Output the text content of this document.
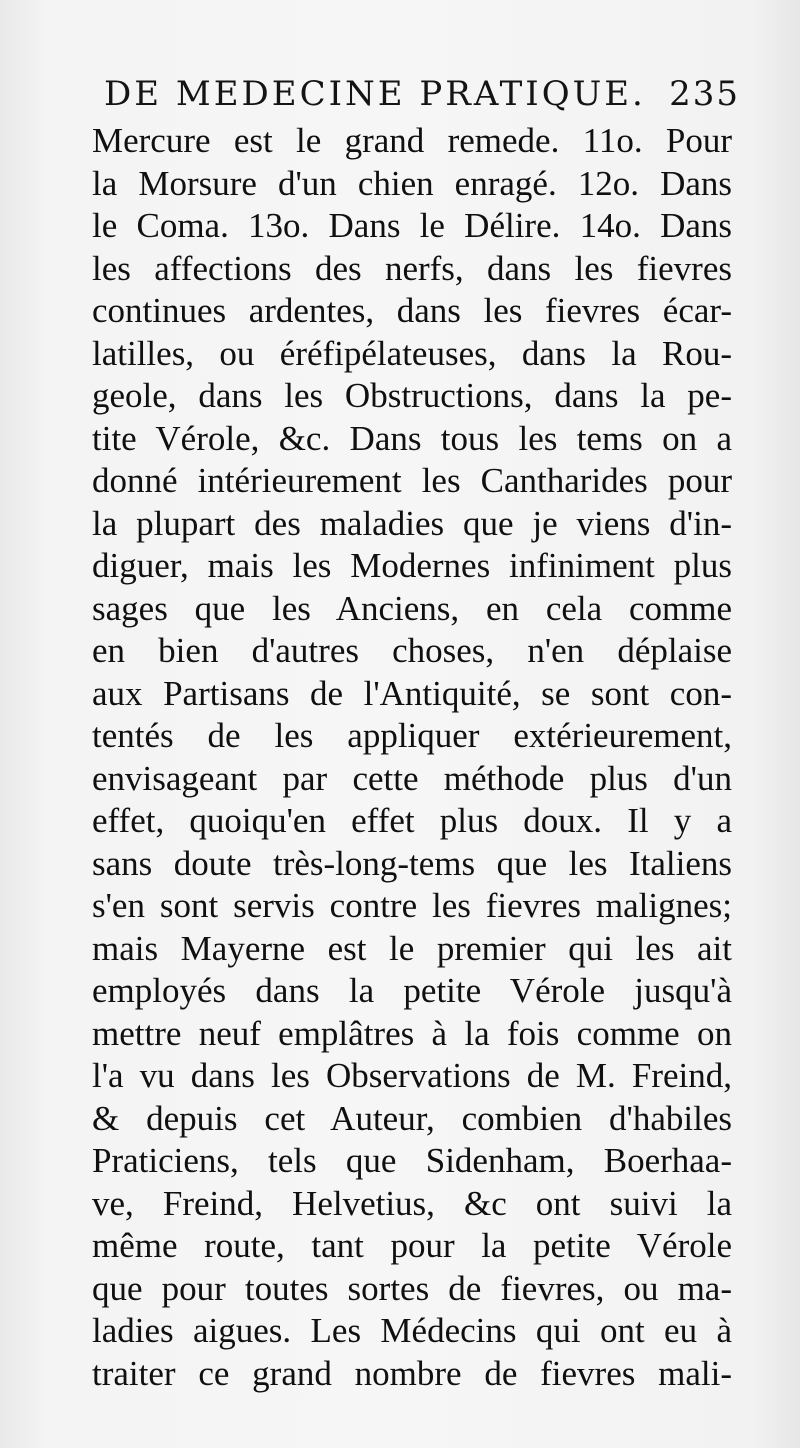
DE MEDECINE PRATIQUE. 235
Mercure est le grand remede. 11o. Pour
la Morsure d'un chien enragé. 12o. Dans
le Coma. 13o. Dans le Délire. 14o. Dans
les affections des nerfs, dans les fievres
continues ardentes, dans les fievres écar-
latilles, ou éréfipélateuses, dans la Rou-
geole, dans les Obstructions, dans la pe-
tite Vérole, &c. Dans tous les tems on a
donné intérieurement les Cantharides pour
la plupart des maladies que je viens d'in-
diguer, mais les Modernes infiniment plus
sages que les Anciens, en cela comme
en bien d'autres choses, n'en déplaise
aux Partisans de l'Antiquité, se sont con-
tentés de les appliquer extérieurement,
envisageant par cette méthode plus d'un
effet, quoiqu'en effet plus doux. Il y a
sans doute très-long-tems que les Italiens
s'en sont servis contre les fievres malignes;
mais Mayerne est le premier qui les ait
employés dans la petite Vérole jusqu'à
mettre neuf emplâtres à la fois comme on
l'a vu dans les Observations de M. Freind,
& depuis cet Auteur, combien d'habiles
Praticiens, tels que Sidenham, Boerhaa-
ve, Freind, Helvetius, &c ont suivi la
même route, tant pour la petite Vérole
que pour toutes sortes de fievres, ou ma-
ladies aigues. Les Médecins qui ont eu à
traiter ce grand nombre de fievres mali-
